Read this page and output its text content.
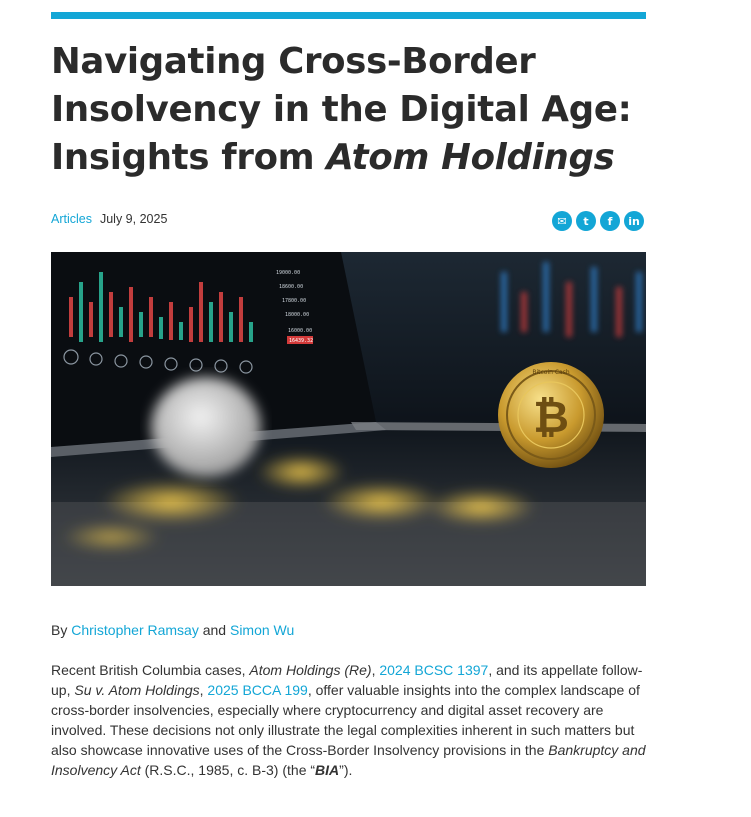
Navigating Cross-Border
Insolvency in the Digital Age:
Insights from Atom Holdings
Articles July 9, 2025	✉	t	f	in
19000.00
18600.00
17800.00
18000.00
16000.00
16439.32
₿
Bitcoin Cash
By Christopher Ramsay and Simon Wu

Recent British Columbia cases, Atom Holdings (Re), 2024 BCSC 1397, and its appellate follow-up, Su v. Atom Holdings, 2025 BCCA 199, offer valuable insights into the complex landscape of cross-border insolvencies, especially where cryptocurrency and digital asset recovery are involved. These decisions not only illustrate the legal complexities inherent in such matters but also showcase innovative uses of the Cross-Border Insolvency provisions in the Bankruptcy and Insolvency Act (R.S.C., 1985, c. B-3) (the “BIA”).
